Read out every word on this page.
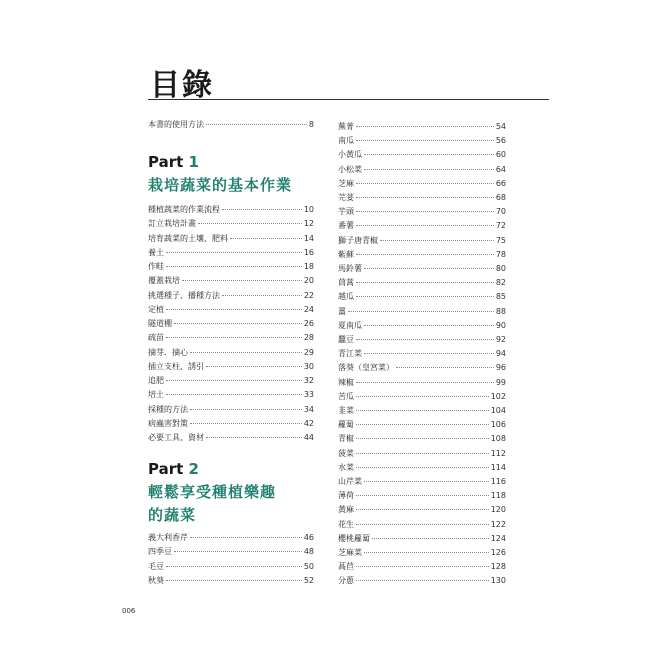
目錄
本書的使用方法	8
Part 1

栽培蔬菜的基本作業

種植蔬菜的作業流程	10
訂立栽培計畫	12
培育蔬菜的土壤、肥料	14
養土	16
作畦	18
覆蓋栽培	20
挑選種子、播種方法	22
定植	24
隧道棚	26
疏苗	28
摘芽．摘心	29
插立支柱、誘引	30
追肥	32
培土	33
採種的方法	34
病蟲害對策	42
必要工具、資材	44
Part 2

輕鬆享受種植樂趣

的蔬菜

義大利香芹	46
四季豆	48
毛豆	50
秋葵	52
蕪菁	54
南瓜	56
小黃瓜	60
小松菜	64
芝麻	66
芫荽	68
芋頭	70
番薯	72
獅子唐青椒	75
紫蘇	78
馬鈴薯	80
茼蒿	82
越瓜	85
薑	88
夏南瓜	90
蠶豆	92
青江菜	94
落葵（皇宮菜）	96
辣椒	99
苦瓜	102
韭菜	104
蘿蔔	106
青椒	108
菠菜	112
水菜	114
山芹菜	116
薄荷	118
黃麻	120
花生	122
櫻桃蘿蔔	124
芝麻菜	126
萵苣	128
分蔥	130
006
